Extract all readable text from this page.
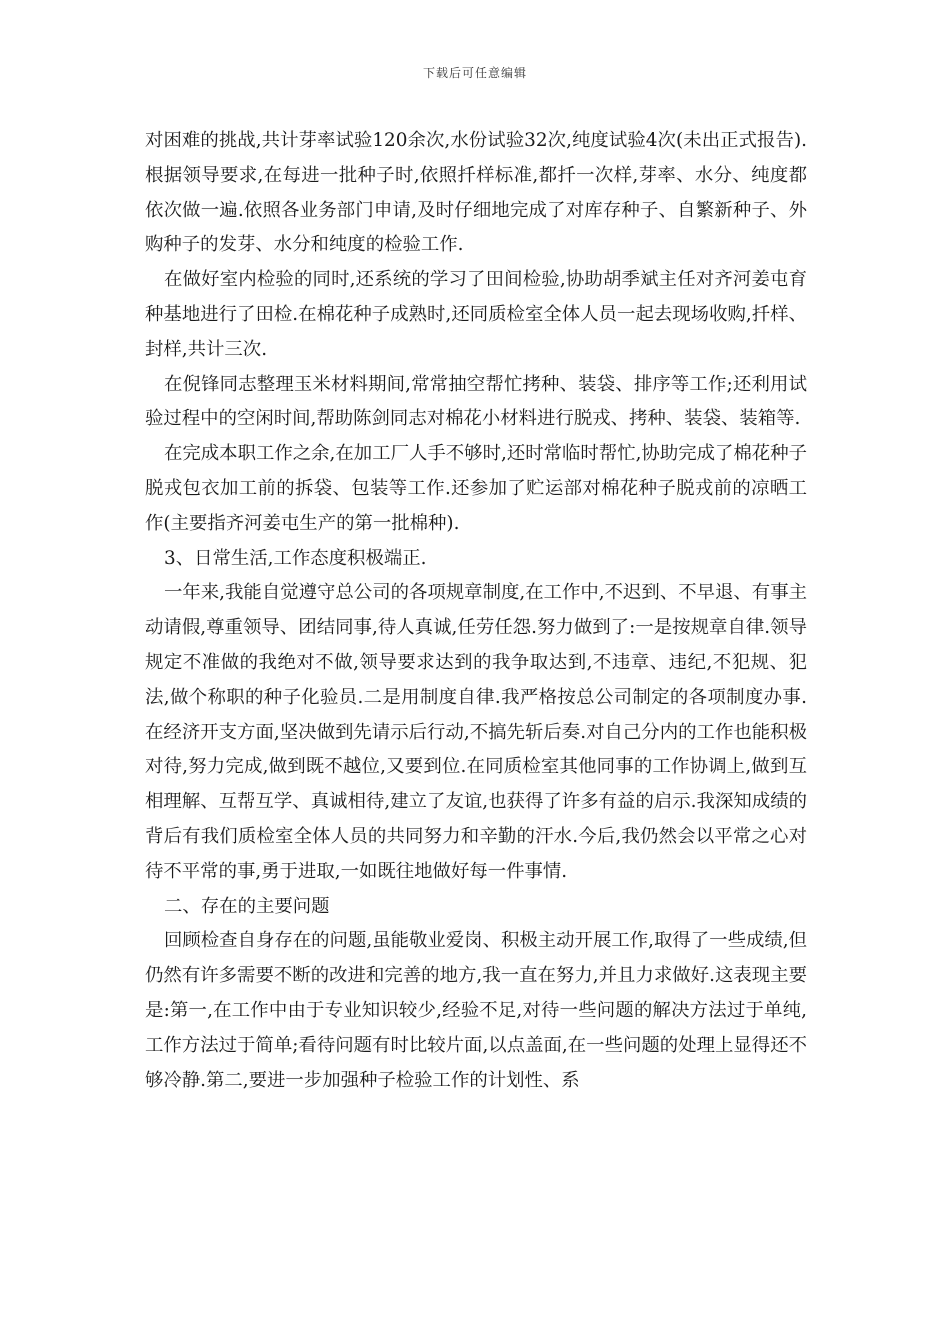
下载后可任意编辑

对困难的挑战,共计芽率试验120余次,水份试验32次,纯度试验4次(未出正式报告).根据领导要求,在每进一批种子时,依照扦样标准,都扦一次样,芽率、水分、纯度都依次做一遍.依照各业务部门申请,及时仔细地完成了对库存种子、自繁新种子、外购种子的发芽、水分和纯度的检验工作.

在做好室内检验的同时,还系统的学习了田间检验,协助胡季斌主任对齐河姜屯育种基地进行了田检.在棉花种子成熟时,还同质检室全体人员一起去现场收购,扦样、封样,共计三次.

在倪锋同志整理玉米材料期间,常常抽空帮忙拷种、装袋、排序等工作;还利用试验过程中的空闲时间,帮助陈剑同志对棉花小材料进行脱戎、拷种、装袋、装箱等.

在完成本职工作之余,在加工厂人手不够时,还时常临时帮忙,协助完成了棉花种子脱戎包衣加工前的拆袋、包装等工作.还参加了贮运部对棉花种子脱戎前的凉晒工作(主要指齐河姜屯生产的第一批棉种).

3、日常生活,工作态度积极端正.

一年来,我能自觉遵守总公司的各项规章制度,在工作中,不迟到、不早退、有事主动请假,尊重领导、团结同事,待人真诚,任劳任怨.努力做到了:一是按规章自律.领导规定不准做的我绝对不做,领导要求达到的我争取达到,不违章、违纪,不犯规、犯法,做个称职的种子化验员.二是用制度自律.我严格按总公司制定的各项制度办事.在经济开支方面,坚决做到先请示后行动,不搞先斩后奏.对自己分内的工作也能积极对待,努力完成,做到既不越位,又要到位.在同质检室其他同事的工作协调上,做到互相理解、互帮互学、真诚相待,建立了友谊,也获得了许多有益的启示.我深知成绩的背后有我们质检室全体人员的共同努力和辛勤的汗水.今后,我仍然会以平常之心对待不平常的事,勇于进取,一如既往地做好每一件事情.

二、存在的主要问题

回顾检查自身存在的问题,虽能敬业爱岗、积极主动开展工作,取得了一些成绩,但仍然有许多需要不断的改进和完善的地方,我一直在努力,并且力求做好.这表现主要是:第一,在工作中由于专业知识较少,经验不足,对待一些问题的解决方法过于单纯,工作方法过于简单;看待问题有时比较片面,以点盖面,在一些问题的处理上显得还不够冷静.第二,要进一步加强种子检验工作的计划性、系
